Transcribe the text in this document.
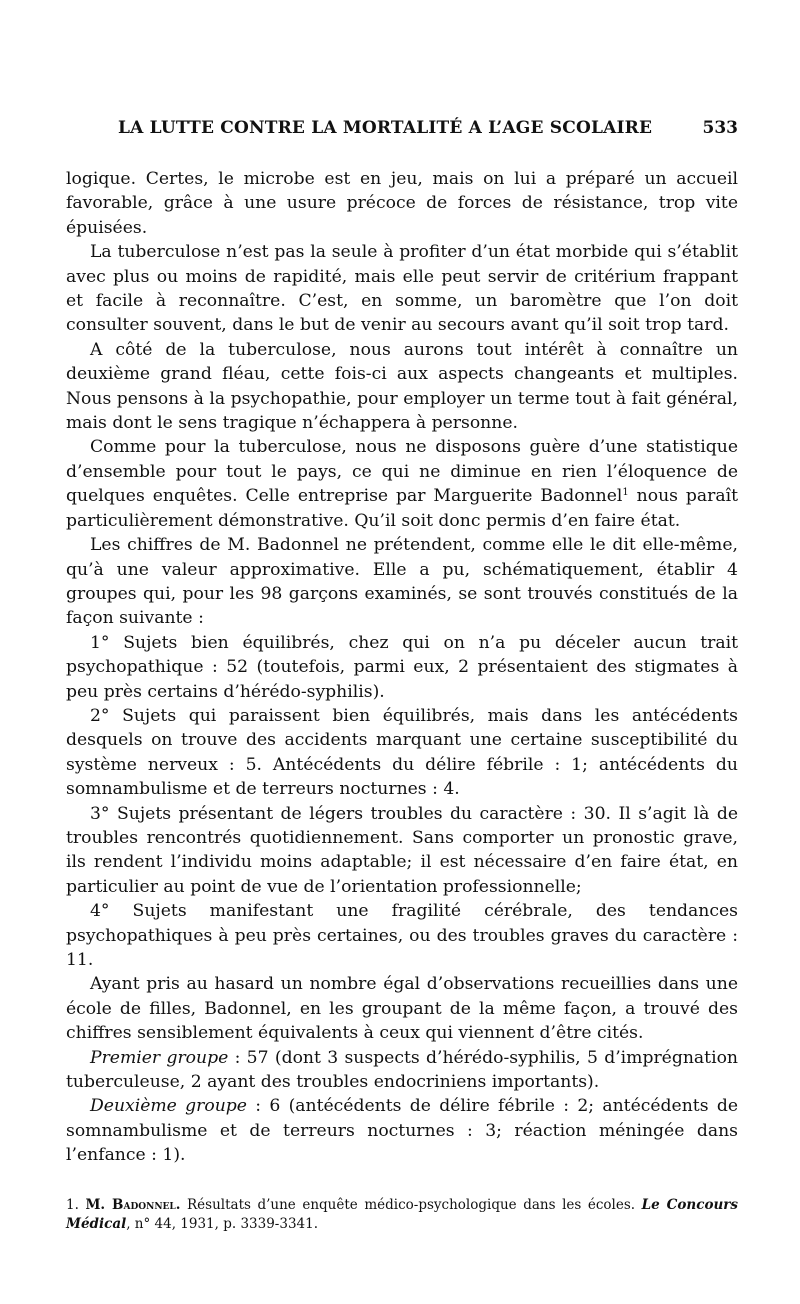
LA LUTTE CONTRE LA MORTALITÉ A L’AGE SCOLAIRE	533

logique. Certes, le microbe est en jeu, mais on lui a préparé un accueil favorable, grâce à une usure précoce de forces de résistance, trop vite épuisées.

La tuberculose n’est pas la seule à profiter d’un état morbide qui s’établit avec plus ou moins de rapidité, mais elle peut servir de critérium frappant et facile à reconnaître. C’est, en somme, un baromètre que l’on doit consulter souvent, dans le but de venir au secours avant qu’il soit trop tard.

A côté de la tuberculose, nous aurons tout intérêt à connaître un deuxième grand fléau, cette fois-ci aux aspects changeants et multiples. Nous pensons à la psychopathie, pour employer un terme tout à fait général, mais dont le sens tragique n’échappera à personne.

Comme pour la tuberculose, nous ne disposons guère d’une statistique d’ensemble pour tout le pays, ce qui ne diminue en rien l’éloquence de quelques enquêtes. Celle entreprise par Marguerite Badonnel$^1$ nous paraît particulièrement démonstrative. Qu’il soit donc permis d’en faire état.

Les chiffres de M. Badonnel ne prétendent, comme elle le dit elle-même, qu’à une valeur approximative. Elle a pu, schématiquement, établir 4 groupes qui, pour les 98 garçons examinés, se sont trouvés constitués de la façon suivante :

1° Sujets bien équilibrés, chez qui on n’a pu déceler aucun trait psychopathique : 52 (toutefois, parmi eux, 2 présentaient des stigmates à peu près certains d’hérédo-syphilis).

2° Sujets qui paraissent bien équilibrés, mais dans les antécédents desquels on trouve des accidents marquant une certaine susceptibilité du système nerveux : 5. Antécédents du délire fébrile : 1; antécédents du somnambulisme et de terreurs nocturnes : 4.

3° Sujets présentant de légers troubles du caractère : 30. Il s’agit là de troubles rencontrés quotidiennement. Sans comporter un pronostic grave, ils rendent l’individu moins adaptable; il est nécessaire d’en faire état, en particulier au point de vue de l’orientation professionnelle;

4° Sujets manifestant une fragilité cérébrale, des tendances psychopathiques à peu près certaines, ou des troubles graves du caractère : 11.

Ayant pris au hasard un nombre égal d’observations recueillies dans une école de filles, Badonnel, en les groupant de la même façon, a trouvé des chiffres sensiblement équivalents à ceux qui viennent d’être cités.

Premier groupe : 57 (dont 3 suspects d’hérédo-syphilis, 5 d’imprégnation tuberculeuse, 2 ayant des troubles endocriniens importants).

Deuxième groupe : 6 (antécédents de délire fébrile : 2; antécédents de somnambulisme et de terreurs nocturnes : 3; réaction méningée dans l’enfance : 1).

1. M. Badonnel. Résultats d’une enquête médico-psychologique dans les écoles. Le Concours Médical, n° 44, 1931, p. 3339-3341.
